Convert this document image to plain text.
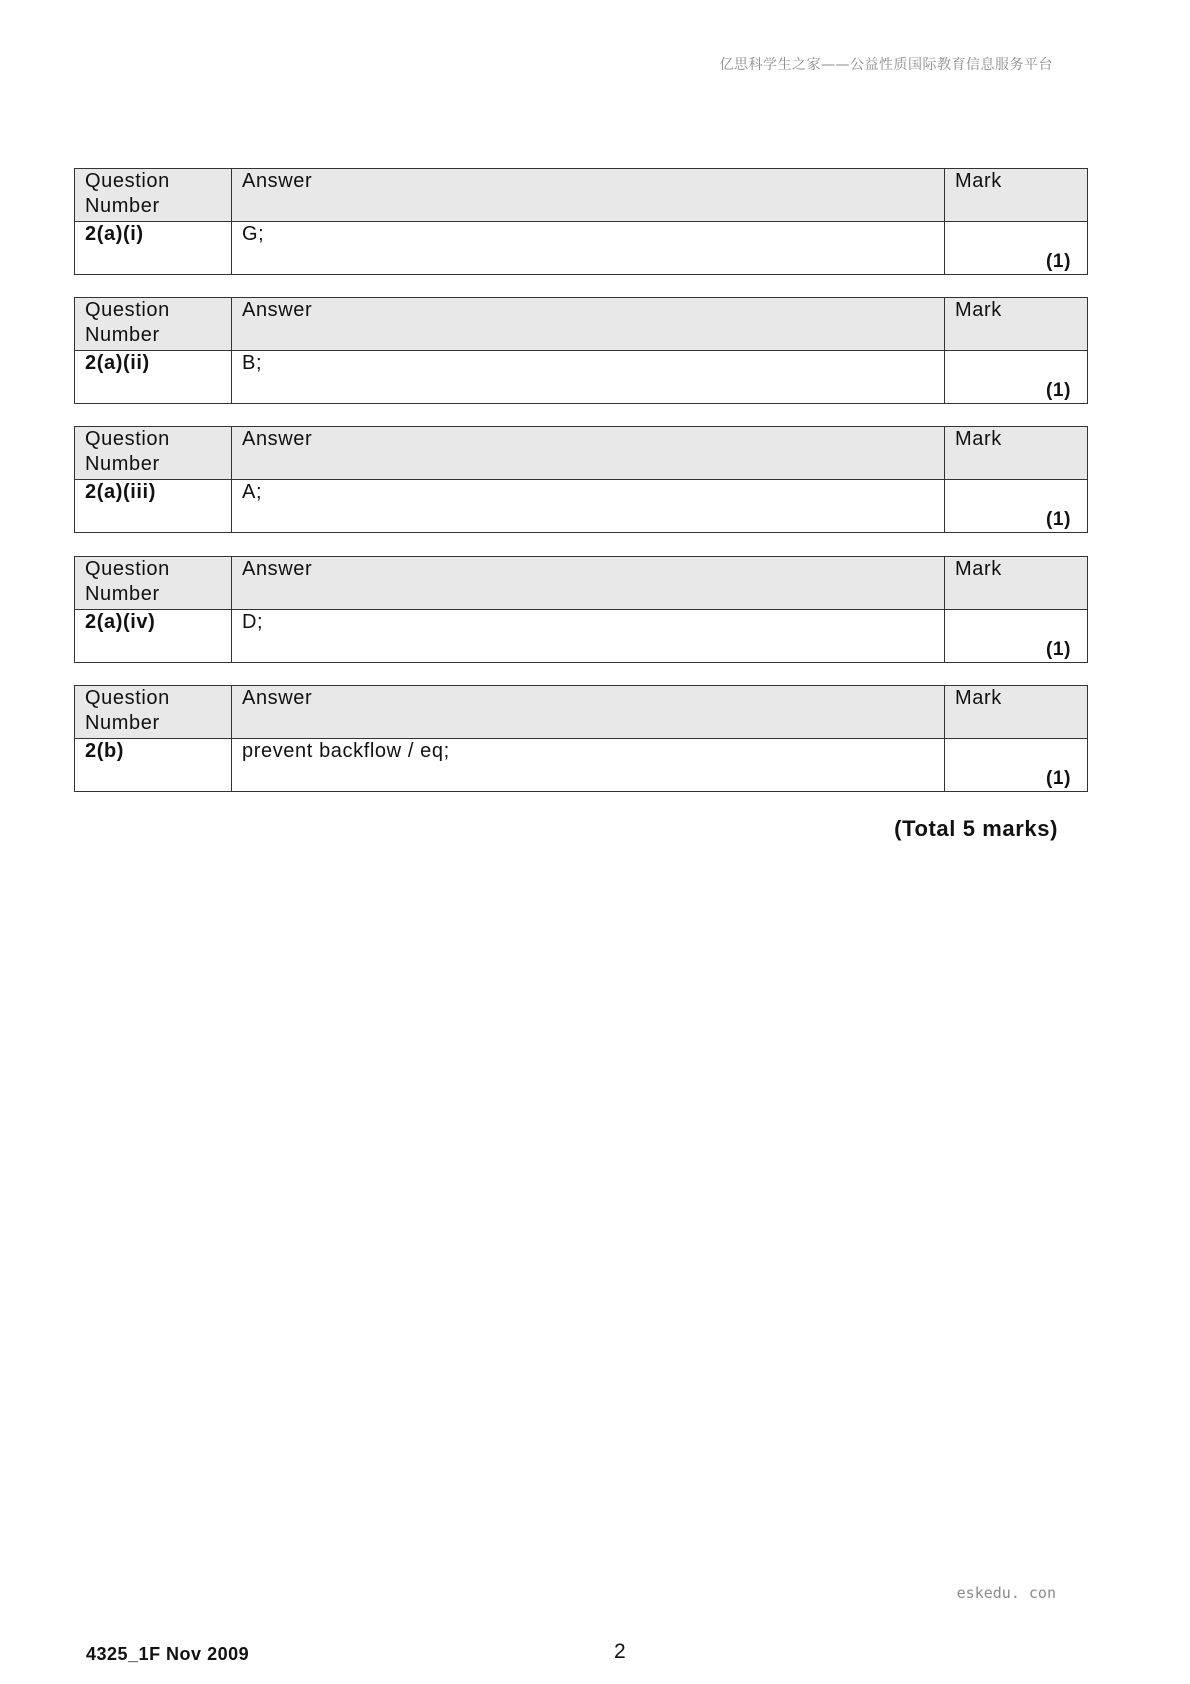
亿思科学生之家——公益性质国际教育信息服务平台
Question
Number	Answer	Mark
2(a)(i)	G;	(1)
Question
Number	Answer	Mark
2(a)(ii)	B;	(1)
Question
Number	Answer	Mark
2(a)(iii)	A;	(1)
Question
Number	Answer	Mark
2(a)(iv)	D;	(1)
Question
Number	Answer	Mark
2(b)	prevent backflow / eq;	(1)
(Total 5 marks)
eskedu. con
4325_1F Nov 2009	2
